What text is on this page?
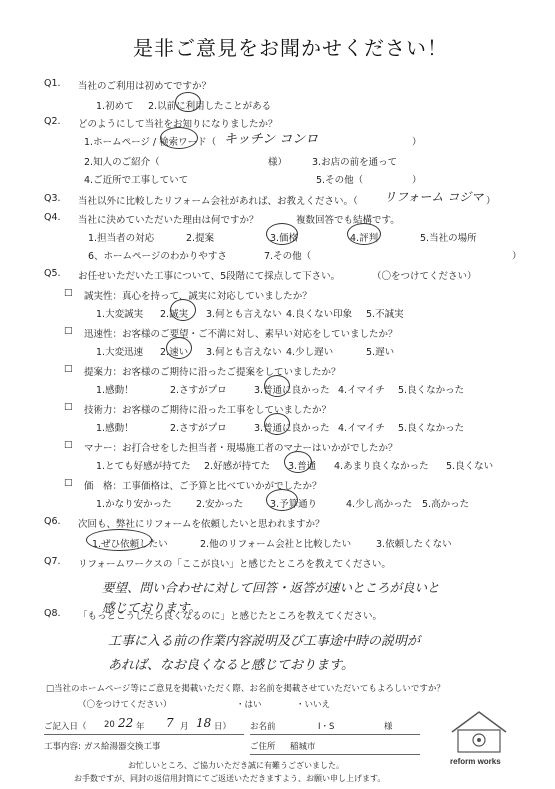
是非ご意見をお聞かせください！
Q1. 当社のご利用は初めてですか？
1.初めて 2.以前に利用したことがある
Q2. どのようにして当社をお知りになりましたか？
1.ホームページ / 検索ワード（ キッチン コンロ	）
2.知人のご紹介（	様）	3.お店の前を通って
4.ご近所で工事していて	5.その他（	）
Q3. 当社以外に比較したリフォーム会社があれば、お教えください。（ リフォーム コジマ ）
Q4. 当社に決めていただいた理由は何ですか？	複数回答でも結構です。
1.担当者の対応	2.提案	3.価格	4.評判	5.当社の場所
6、ホームページのわかりやすさ	7.その他（	）
Q5. お任せいただいた工事について、5段階にて採点して下さい。	（〇をつけてください）
□ 誠実性：真心を持って、誠実に対応していましたか？
1.大変誠実 2.誠実 3.何とも言えない 4.良くない印象 5.不誠実
□ 迅速性：お客様のご要望・ご不満に対し、素早い対応をしていましたか？
1.大変迅速 2.速い 3.何とも言えない 4.少し遅い	5.遅い
□ 提案力：お客様のご期待に沿ったご提案をしていましたか？
1.感動！	2.さすがプロ	3.普通に良かった 4.イマイチ 5.良くなかった
□ 技術力：お客様のご期待に沿った工事をしていましたか？
1.感動！	2.さすがプロ	3.普通に良かった 4.イマイチ 5.良くなかった
□ マナー：お打合せをした担当者・現場施工者のマナーはいかがでしたか？
1.とても好感が持てた 2.好感が持てた 3.普通 4.あまり良くなかった 5.良くない
□ 価　格：工事価格は、ご予算と比べていかがでしたか？
1.かなり安かった	2.安かった	3.予算通り	4.少し高かった 5.高かった
Q6. 次回も、弊社にリフォームを依頼したいと思われますか？
1.ぜひ依頼したい	2.他のリフォーム会社と比較したい	3.依頼したくない
Q7. リフォームワークスの「ここが良い」と感じたところを教えてください。
要望、問い合わせに対して回答・返答が速いところが良いと
感じております。
Q8. 「もっとこうしたら良くなるのに」と感じたところを教えてください。
工事に入る前の作業内容説明及び工事途中時の説明が
あれば、なお良くなると感じております。
□当社のホームページ等にご意見を掲載いただく際、お名前を掲載させていただいてもよろしいですか？
（〇をつけてください）	・はい	・いいえ
ご記入日（ 20 22 年 7 月 18 日） お名前	I・S	様
工事内容: ガス給湯器交換工事	ご住所 稲城市
お忙しいところ、ご協力いただき誠に有難うございました。
お手数ですが、同封の返信用封筒にてご返送いただきますよう、お願い申し上げます。
reform works
